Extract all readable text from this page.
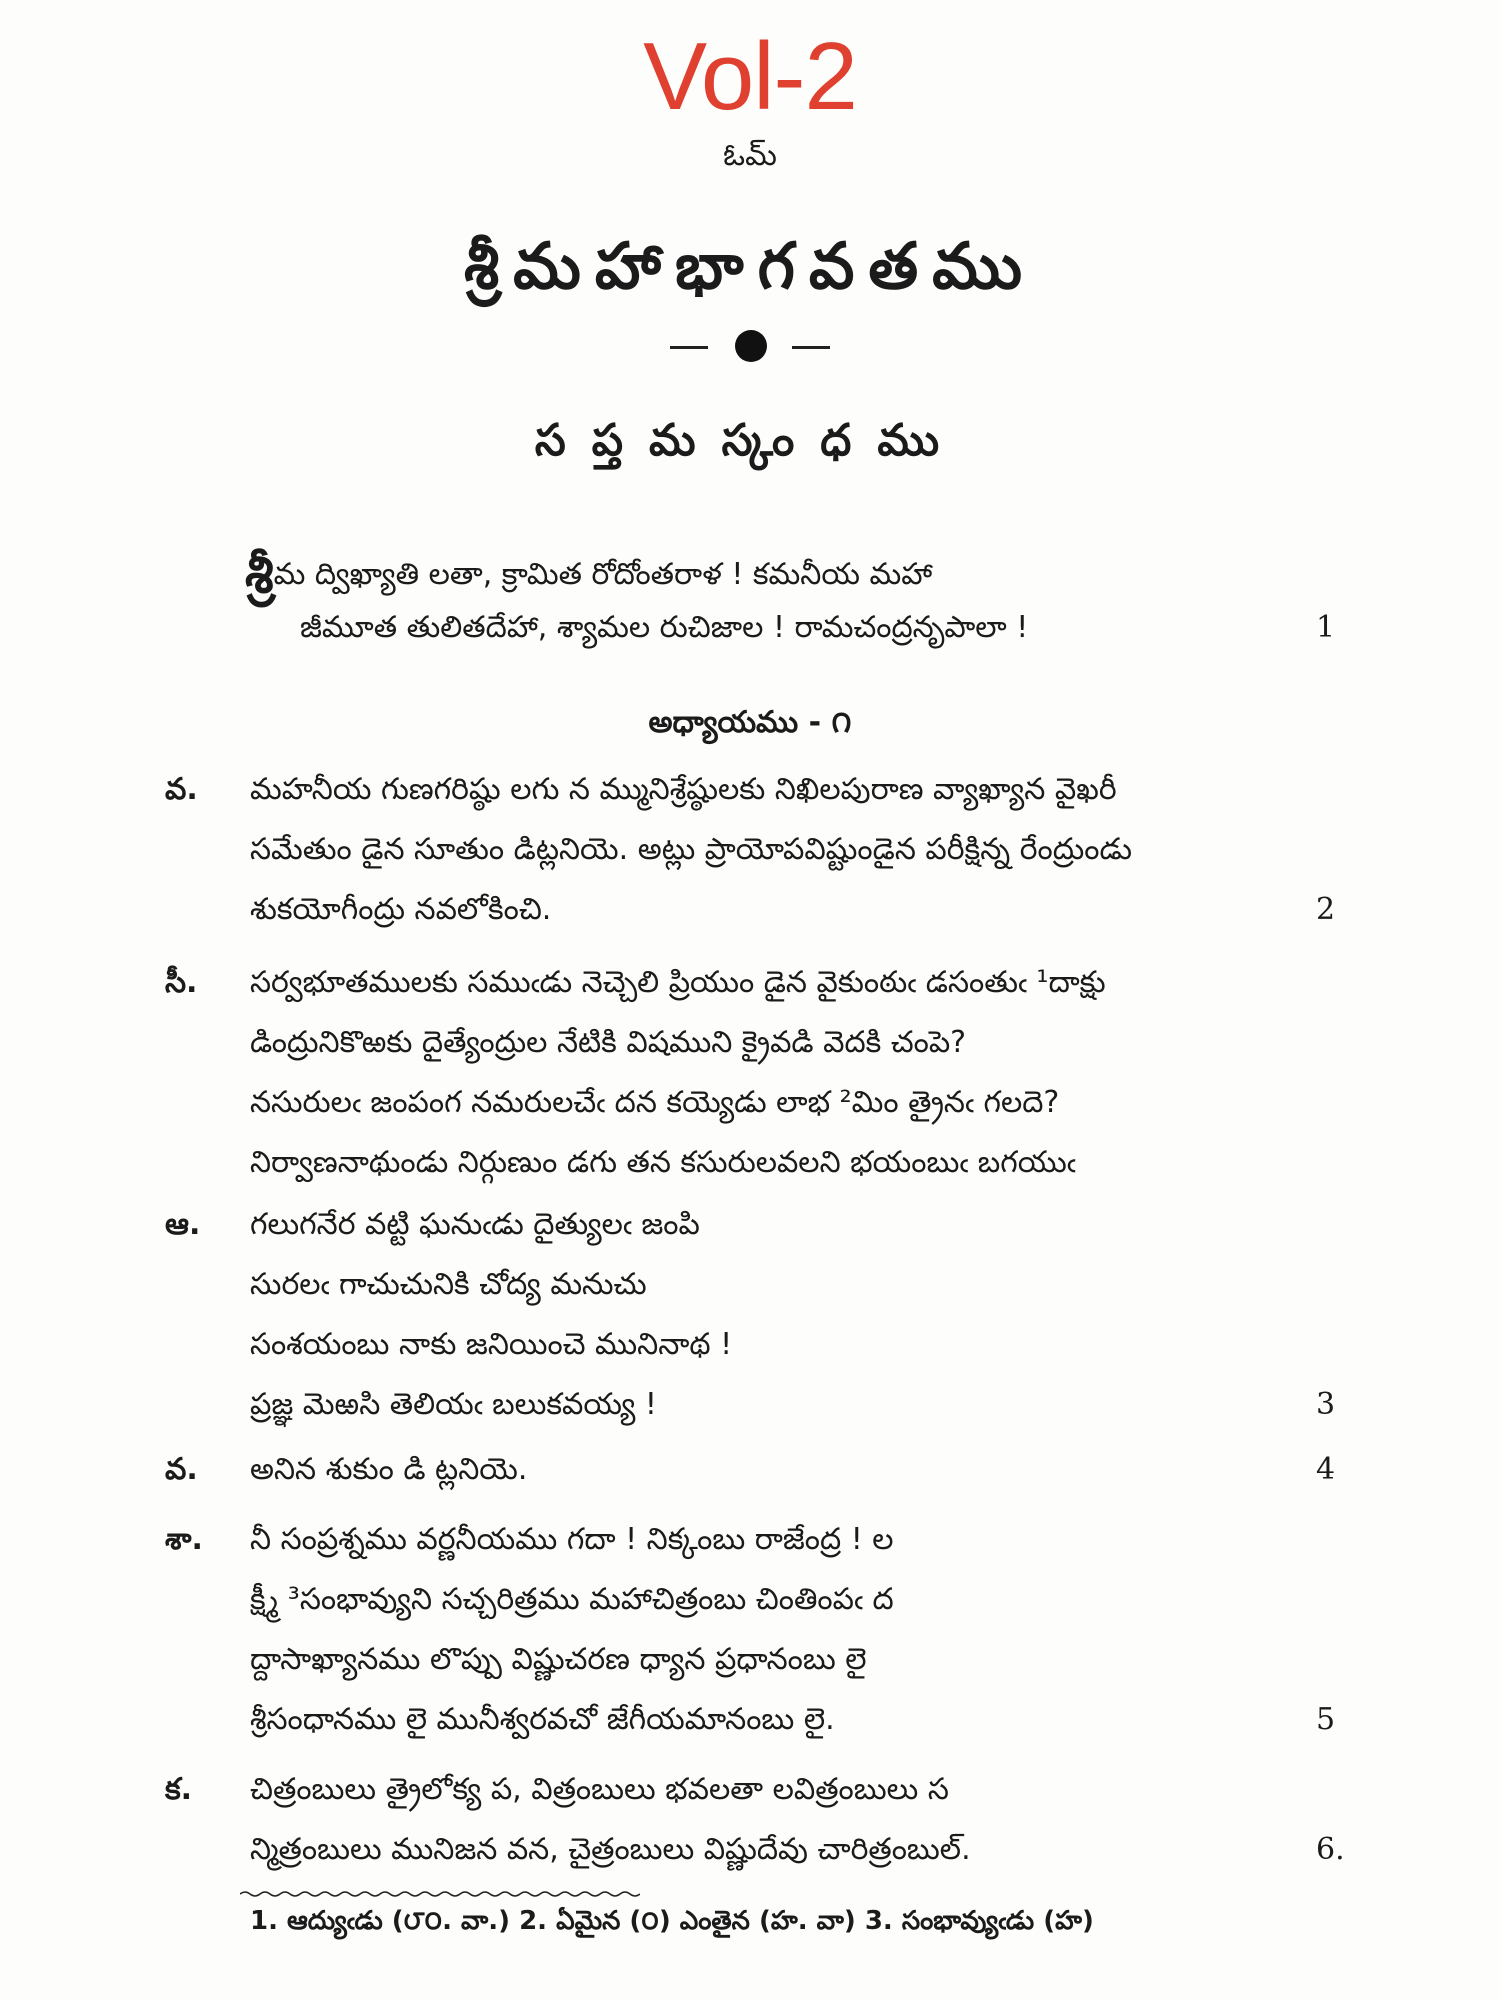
Vol-2
ఓమ్
శ్రీమహాభాగవతము
సప్తమస్కంధము
శ్రీమ ద్విఖ్యాతి లతా, క్రామిత రోదోంతరాళ ! కమనీయ మహా
జీమూత తులితదేహా, శ్యామల రుచిజాల ! రామచంద్రనృపాలా !	1
అధ్యాయము - ౧
వ. మహనీయ గుణగరిష్ఠు లగు న మ్మునిశ్రేష్ఠులకు నిఖిలపురాణ వ్యాఖ్యాన వైఖరీ
సమేతుం డైన సూతుం డిట్లనియె. అట్లు ప్రాయోపవిష్టుండైన పరీక్షిన్న రేంద్రుండు
శుకయోగీంద్రు నవలోకించి.	2
సీ. సర్వభూతములకు సముఁడు నెచ్చెలి ప్రియుం డైన వైకుంఠుఁ డసంతుఁ ¹దాక్షు
డింద్రునికొఱకు దైత్యేంద్రుల నేటికి విషముని క్రైవడి వెదకి చంపె?
నసురులఁ జంపంగ నమరులచేఁ దన కయ్యెడు లాభ ²మిం త్రైనఁ గలదె?
నిర్వాణనాథుండు నిర్గుణుం డగు తన కసురులవలని భయంబుఁ బగయుఁ
ఆ. గలుగనేర వట్టి ఘనుఁడు దైత్యులఁ జంపి
సురలఁ గాచుచునికి చోద్య మనుచు
సంశయంబు నాకు జనియించె మునినాథ !
ప్రజ్ఞ మెఱసి తెలియఁ బలుకవయ్య !	3
వ. అనిన శుకుం డి ట్లనియె.	4
శా. నీ సంప్రశ్నము వర్ణనీయము గదా ! నిక్కంబు రాజేంద్ర ! ల
క్ష్మీ ³సంభావ్యుని సచ్చరిత్రము మహాచిత్రంబు చింతింపఁ ద
ద్దాసాఖ్యానము లొప్పు విష్ణుచరణ ధ్యాన ప్రధానంబు లై
శ్రీసంధానము లై మునీశ్వరవచో జేగీయమానంబు లై.	5
క. చిత్రంబులు త్రైలోక్య ప, విత్రంబులు భవలతా లవిత్రంబులు స
న్మిత్రంబులు మునిజన వన, చైత్రంబులు విష్ణుదేవు చారిత్రంబుల్.	6.
1. ఆద్యుఁడు (౮౦. వా.) 2. ఏమైన (౦) ఎంతైన (హ. వా) 3. సంభావ్యుఁడు (హ)
